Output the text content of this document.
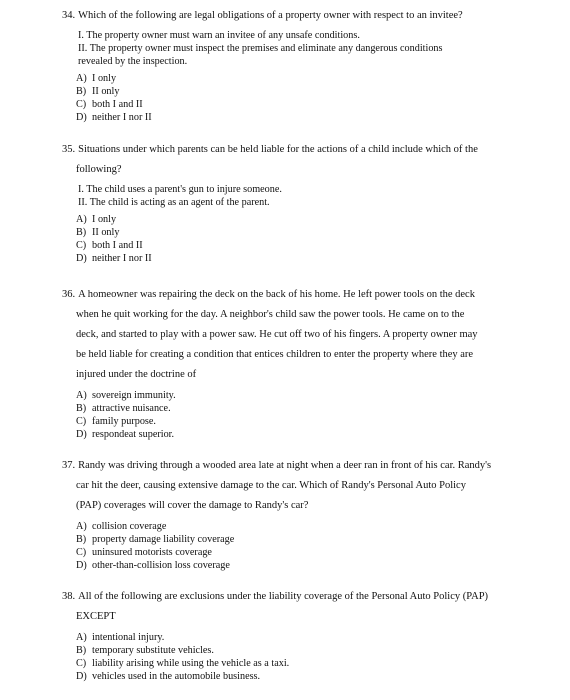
34. Which of the following are legal obligations of a property owner with respect to an invitee?

I. The property owner must warn an invitee of any unsafe conditions.

II. The property owner must inspect the premises and eliminate any dangerous conditions

revealed by the inspection.

A) I only

B) II only

C) both I and II

D) neither I nor II

35. Situations under which parents can be held liable for the actions of a child include which of the
following?

I. The child uses a parent's gun to injure someone.

II. The child is acting as an agent of the parent.

A) I only

B) II only

C) both I and II

D) neither I nor II

36. A homeowner was repairing the deck on the back of his home. He left power tools on the deck
when he quit working for the day. A neighbor's child saw the power tools. He came on to the
deck, and started to play with a power saw. He cut off two of his fingers. A property owner may
be held liable for creating a condition that entices children to enter the property where they are
injured under the doctrine of

A) sovereign immunity.

B) attractive nuisance.

C) family purpose.

D) respondeat superior.

37. Randy was driving through a wooded area late at night when a deer ran in front of his car. Randy's
car hit the deer, causing extensive damage to the car. Which of Randy's Personal Auto Policy
(PAP) coverages will cover the damage to Randy's car?

A) collision coverage

B) property damage liability coverage

C) uninsured motorists coverage

D) other-than-collision loss coverage

38. All of the following are exclusions under the liability coverage of the Personal Auto Policy (PAP)
EXCEPT

A) intentional injury.

B) temporary substitute vehicles.

C) liability arising while using the vehicle as a taxi.

D) vehicles used in the automobile business.
